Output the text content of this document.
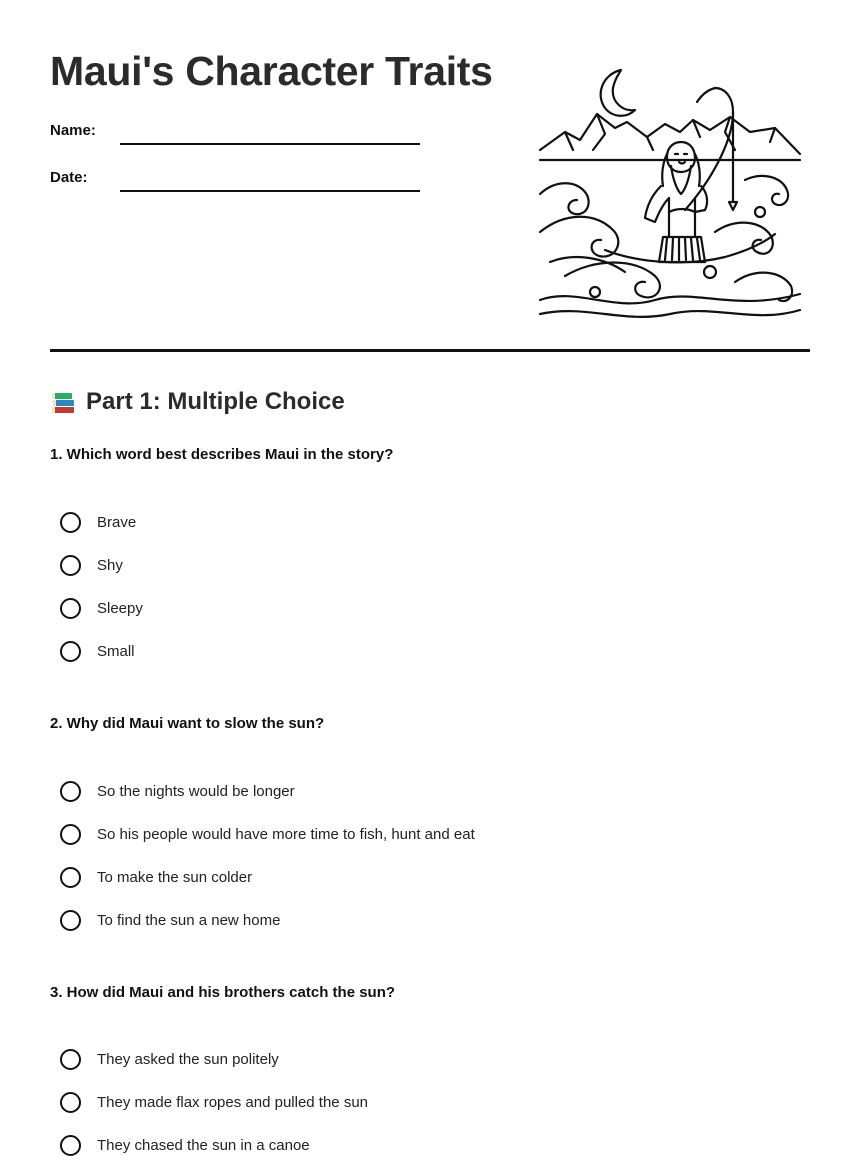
Maui's Character Traits
Name:
Date:
Part 1: Multiple Choice
1. Which word best describes Maui in the story?
Brave
Shy
Sleepy
Small
2. Why did Maui want to slow the sun?
So the nights would be longer
So his people would have more time to fish, hunt and eat
To make the sun colder
To find the sun a new home
3. How did Maui and his brothers catch the sun?
They asked the sun politely
They made flax ropes and pulled the sun
They chased the sun in a canoe
